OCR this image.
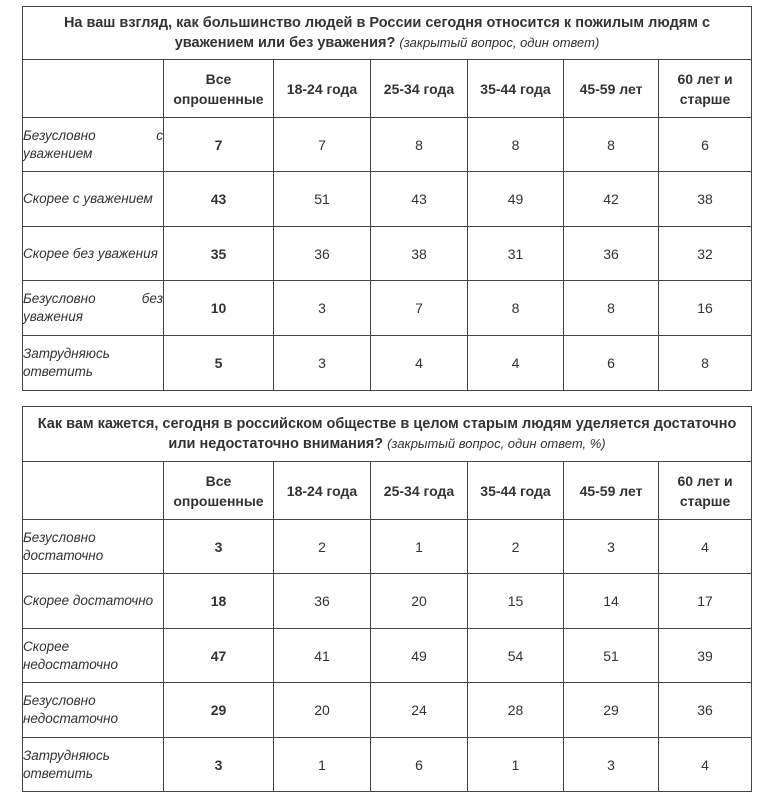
На ваш взгляд, как большинство людей в России сегодня относится к пожилым людям с уважением или без уважения? (закрытый вопрос, один ответ)						
	Все опрошенные	18-24 года	25-34 года	35-44 года	45-59 лет	60 лет и старше
Безусловно с уважением	7	7	8	8	8	6
Скорее с уважением	43	51	43	49	42	38
Скорее без уважения	35	36	38	31	36	32
Безусловно без уважения	10	3	7	8	8	16
Затрудняюсь ответить	5	3	4	4	6	8
Как вам кажется, сегодня в российском обществе в целом старым людям уделяется достаточно или недостаточно внимания? (закрытый вопрос, один ответ, %)						
	Все опрошенные	18-24 года	25-34 года	35-44 года	45-59 лет	60 лет и старше
Безусловно достаточно	3	2	1	2	3	4
Скорее достаточно	18	36	20	15	14	17
Скорее недостаточно	47	41	49	54	51	39
Безусловно недостаточно	29	20	24	28	29	36
Затрудняюсь ответить	3	1	6	1	3	4
